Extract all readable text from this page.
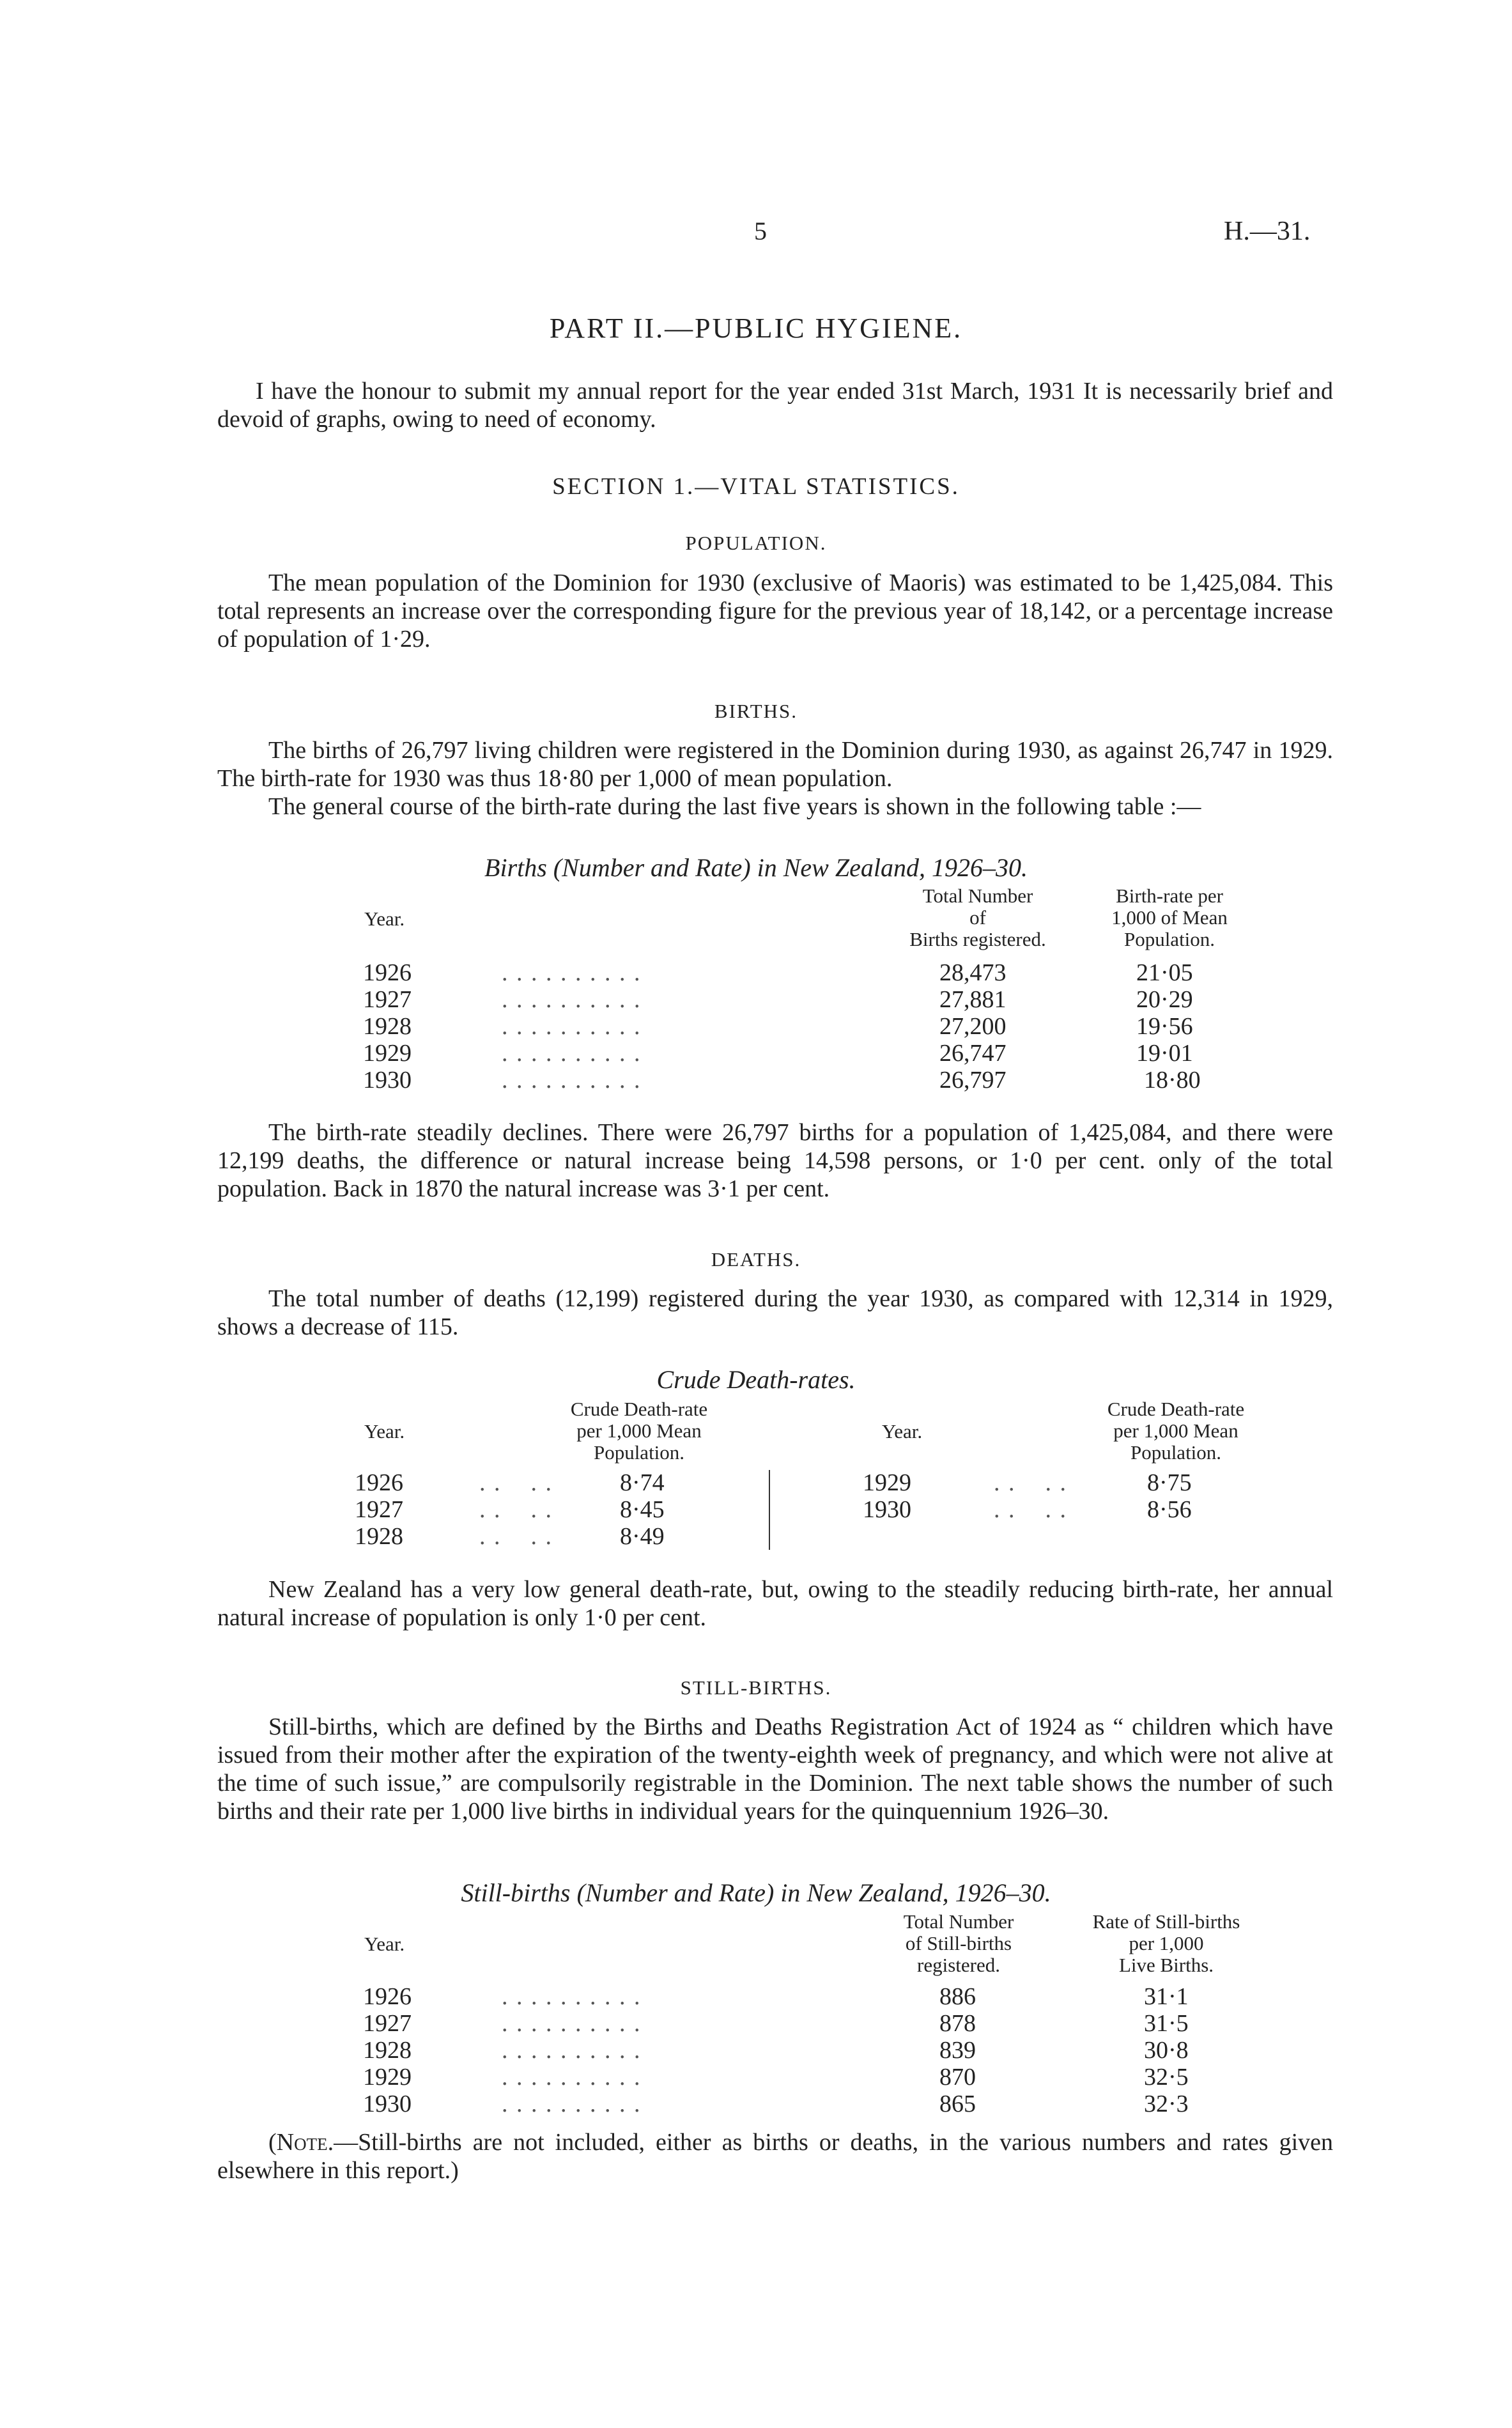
5	H.—31.
PART II.—PUBLIC HYGIENE.
I have the honour to submit my annual report for the year ended 31st March, 1931 It is necessarily brief and devoid of graphs, owing to need of economy.
SECTION 1.—VITAL STATISTICS.
POPULATION.
The mean population of the Dominion for 1930 (exclusive of Maoris) was estimated to be 1,425,084. This total represents an increase over the corresponding figure for the previous year of 18,142, or a percentage increase of population of 1·29.
BIRTHS.
The births of 26,797 living children were registered in the Dominion during 1930, as against 26,747 in 1929. The birth-rate for 1930 was thus 18·80 per 1,000 of mean population.
The general course of the birth-rate during the last five years is shown in the following table :—
Births (Number and Rate) in New Zealand, 1926–30.
Year.
Total Number
of
Births registered.
Birth-rate per
1,000 of Mean
Population.
1926	. . . . . . . . . .	28,473	21·05
1927	. . . . . . . . . .	27,881	20·29
1928	. . . . . . . . . .	27,200	19·56
1929	. . . . . . . . . .	26,747	19·01
1930	. . . . . . . . . .	26,797	18·80
The birth-rate steadily declines. There were 26,797 births for a population of 1,425,084, and there were 12,199 deaths, the difference or natural increase being 14,598 persons, or 1·0 per cent. only of the total population. Back in 1870 the natural increase was 3·1 per cent.
DEATHS.
The total number of deaths (12,199) registered during the year 1930, as compared with 12,314 in 1929, shows a decrease of 115.
Crude Death-rates.
Year.
Crude Death-rate
per 1,000 Mean
Population.
Year.
Crude Death-rate
per 1,000 Mean
Population.
1926	. .    . .	8·74
1927	. .    . .	8·45
1928	. .    . .	8·49
1929	. .    . .	8·75
1930	. .    . .	8·56
New Zealand has a very low general death-rate, but, owing to the steadily reducing birth-rate, her annual natural increase of population is only 1·0 per cent.
STILL-BIRTHS.
Still-births, which are defined by the Births and Deaths Registration Act of 1924 as “ children which have issued from their mother after the expiration of the twenty-eighth week of pregnancy, and which were not alive at the time of such issue,” are compulsorily registrable in the Dominion. The next table shows the number of such births and their rate per 1,000 live births in individual years for the quinquennium 1926–30.
Still-births (Number and Rate) in New Zealand, 1926–30.
Year.
Total Number
of Still-births
registered.
Rate of Still-births
per 1,000
Live Births.
1926	. . . . . . . . . .	886	31·1
1927	. . . . . . . . . .	878	31·5
1928	. . . . . . . . . .	839	30·8
1929	. . . . . . . . . .	870	32·5
1930	. . . . . . . . . .	865	32·3
(Note.—Still-births are not included, either as births or deaths, in the various numbers and rates given elsewhere in this report.)
